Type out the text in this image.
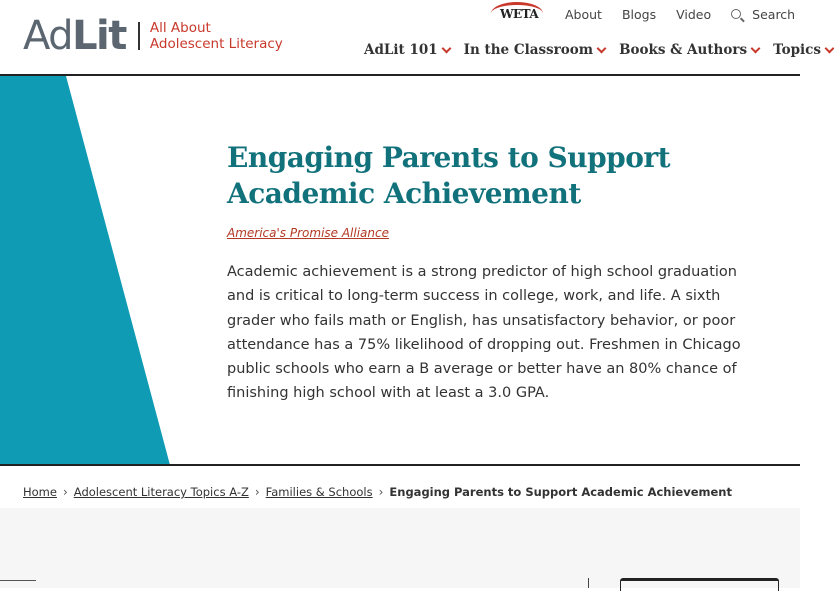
AdLit All About
Adolescent Literacy
WETA About Blogs Video	Search
AdLit 101 In the Classroom Books & Authors Topics
Engaging Parents to Support Academic Achievement
America's Promise Alliance

Academic achievement is a strong predictor of high school graduation and is critical to long-term success in college, work, and life. A sixth grader who fails math or English, has unsatisfactory behavior, or poor attendance has a 75% likelihood of dropping out. Freshmen in Chicago public schools who earn a B average or better have an 80% chance of finishing high school with at least a 3.0 GPA.

Home › Adolescent Literacy Topics A-Z › Families & Schools › Engaging Parents to Support Academic Achievement
